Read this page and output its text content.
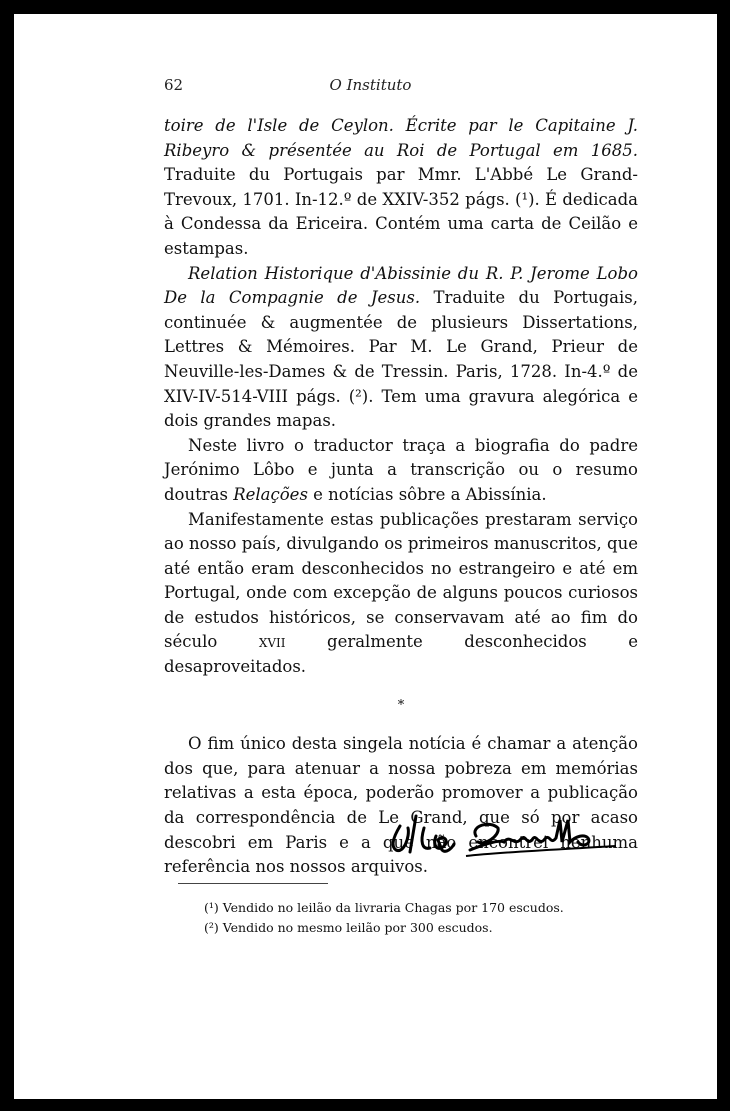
62	O Instituto

toire de l'Isle de Ceylon. Écrite par le Capitaine J. Ribeyro & présentée au Roi de Portugal em 1685. Traduite du Portugais par Mmr. L'Abbé Le Grand-Trevoux, 1701. In-12.º de XXIV-352 págs. (¹). É dedicada à Condessa da Ericeira. Contém uma carta de Ceilão e estampas.

Relation Historique d'Abissinie du R. P. Jerome Lobo De la Compagnie de Jesus. Traduite du Portugais, continuée & augmentée de plusieurs Dissertations, Lettres & Mémoires. Par M. Le Grand, Prieur de Neuville-les-Dames & de Tressin. Paris, 1728. In-4.º de XIV-IV-514-VIII págs. (²). Tem uma gravura alegórica e dois grandes mapas.

Neste livro o traductor traça a biografia do padre Jerónimo Lôbo e junta a transcrição ou o resumo doutras Relações e notícias sôbre a Abissínia.

Manifestamente estas publicações prestaram serviço ao nosso país, divulgando os primeiros manuscritos, que até então eram desconhecidos no estrangeiro e até em Portugal, onde com excepção de alguns poucos curiosos de estudos históricos, se conservavam até ao fim do século xvii geralmente desconhecidos e desaproveitados.

*

O fim único desta singela notícia é chamar a atenção dos que, para atenuar a nossa pobreza em memórias relativas a esta época, poderão promover a publicação da correspondência de Le Grand, que só por acaso descobri em Paris e a que não encontrei nenhuma referência nos nossos arquivos.

(¹) Vendido no leilão da livraria Chagas por 170 escudos.

(²) Vendido no mesmo leilão por 300 escudos.
